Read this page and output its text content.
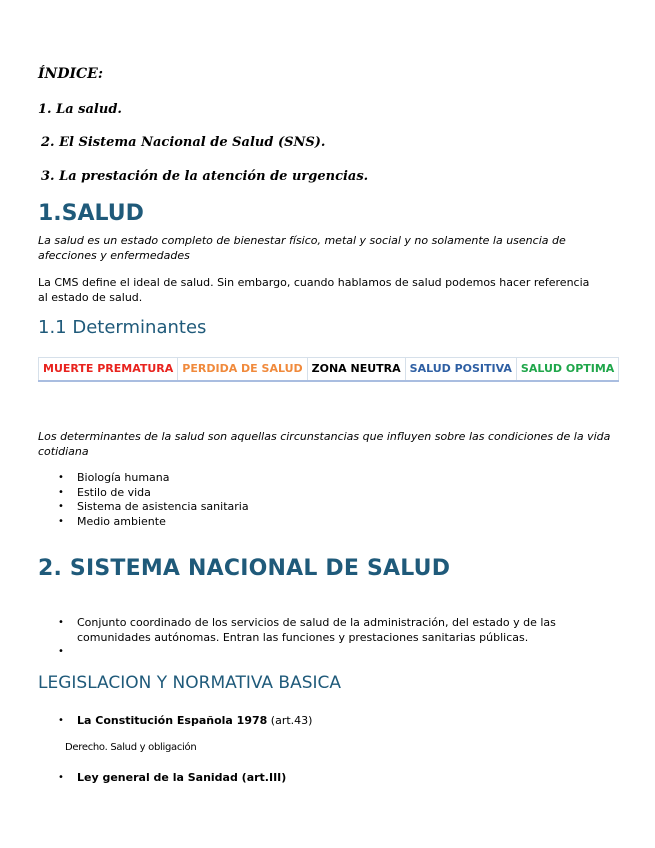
ÍNDICE:
1. La salud.
2. El Sistema Nacional de Salud (SNS).
3. La prestación de la atención de urgencias.
1.SALUD
La salud es un estado completo de bienestar físico, metal y social y no solamente la usencia de afecciones y enfermedades
La CMS define el ideal de salud. Sin embargo, cuando hablamos de salud podemos hacer referencia al estado de salud.
1.1 Determinantes
MUERTE PREMATURA	PERDIDA DE SALUD	ZONA NEUTRA	SALUD POSITIVA	SALUD OPTIMA
Los determinantes de la salud son aquellas circunstancias que influyen sobre las condiciones de la vida cotidiana
• Biología humana
• Estilo de vida
• Sistema de asistencia sanitaria
• Medio ambiente
2. SISTEMA NACIONAL DE SALUD
• Conjunto coordinado de los servicios de salud de la administración, del estado y de las comunidades autónomas. Entran las funciones y prestaciones sanitarias públicas.
•
LEGISLACION Y NORMATIVA BASICA
• La Constitución Española 1978 (art.43)
Derecho. Salud y obligación
• Ley general de la Sanidad (art.III)
